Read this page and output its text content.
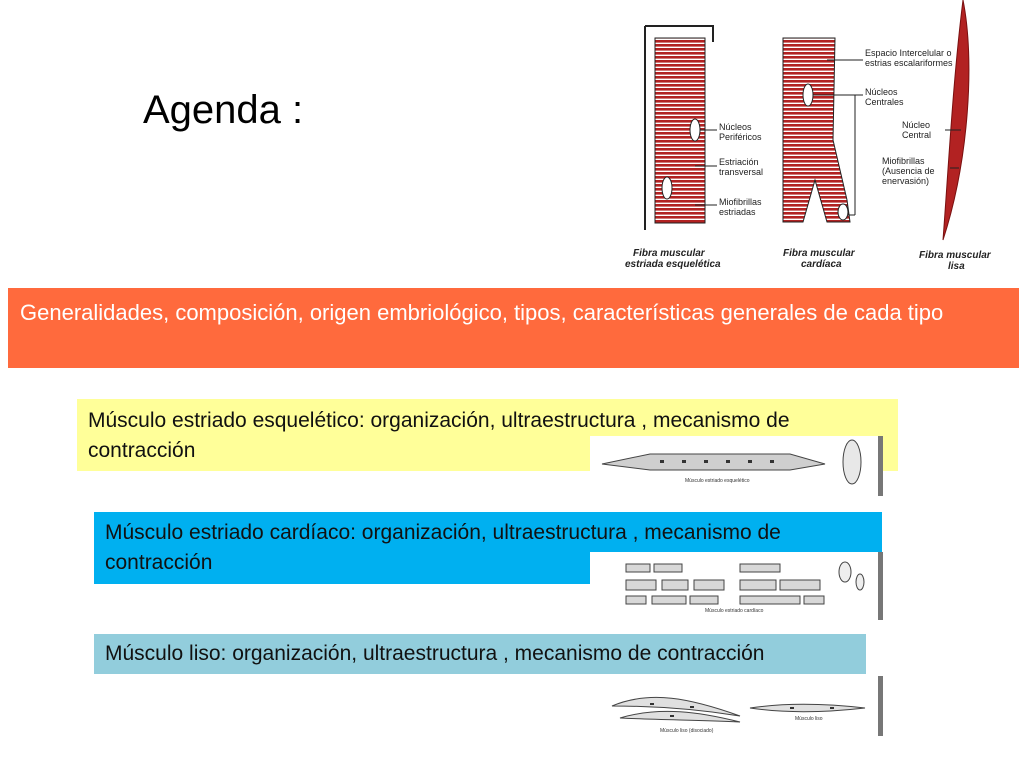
Agenda :	Núcleos Periféricos
Estriación transversal
Miofibrillas estriadas
Espacio Intercelular o estrias escalariformes
Núcleos Centrales
Núcleo Central
Miofibrillas (Ausencia de enervasión)
Fibra muscular estriada esquelética
Fibra muscular cardíaca
Fibra muscular lisa
Generalidades, composición, origen embriológico, tipos, características generales de cada tipo
Músculo estriado esquelético: organización, ultraestructura , mecanismo de contracción
Músculo estriado cardíaco: organización, ultraestructura , mecanismo de contracción
Músculo liso: organización, ultraestructura , mecanismo de contracción
Músculo estriado esquelético
Músculo estriado cardíaco
Músculo liso (disociado)
Músculo liso
